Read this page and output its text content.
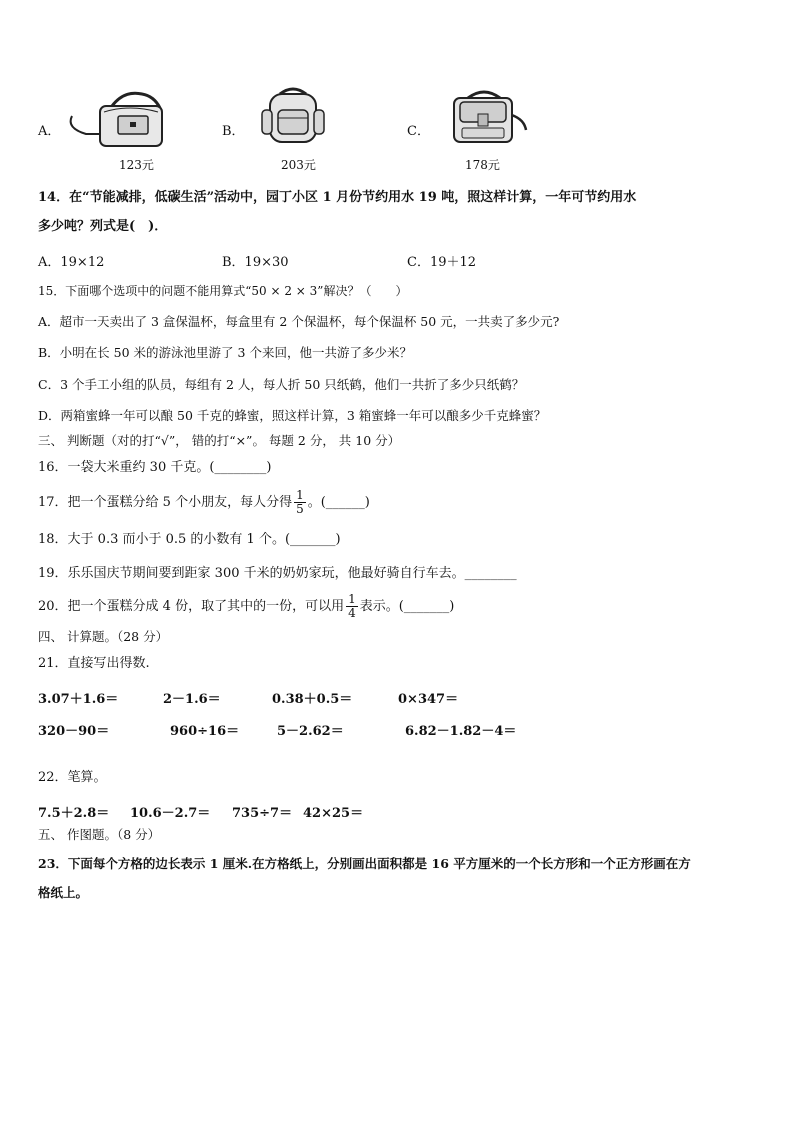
A．
123元
B．
203元
C．
178元
14．在“节能减排，低碳生活”活动中，园丁小区 1 月份节约用水 19 吨，照这样计算，一年可节约用水
多少吨？列式是(　)．
A．19×12	B．19×30	C．19＋12
15．下面哪个选项中的问题不能用算式“50 × 2 × 3”解决？（　　）
A．超市一天卖出了 3 盒保温杯，每盒里有 2 个保温杯，每个保温杯 50 元，一共卖了多少元?
B．小明在长 50 米的游泳池里游了 3 个来回，他一共游了多少米？
C．3 个手工小组的队员，每组有 2 人，每人折 50 只纸鹤，他们一共折了多少只纸鹤？
D．两箱蜜蜂一年可以酿 50 千克的蜂蜜，照这样计算，3 箱蜜蜂一年可以酿多少千克蜂蜜？
三、 判断题（对的打“√”， 错的打“×”。 每题 2 分， 共 10 分）
16．一袋大米重约 30 千克。(________)
17．把一个蛋糕分给 5 个小朋友，每人分得 $\frac{1}{5}$ 。(______)
18．大于 0.3 而小于 0.5 的小数有 1 个。(_______)
19．乐乐国庆节期间要到距家 300 千米的奶奶家玩，他最好骑自行车去。________
20．把一个蛋糕分成 4 份，取了其中的一份，可以用 $\frac{1}{4}$ 表示。(_______)
四、 计算题。（28 分）
21．直接写出得数.
3.07＋1.6＝	2－1.6＝	0.38＋0.5＝	0×347＝
320－90＝	960÷16＝	5－2.62＝	6.82－1.82－4＝
22．笔算。
7.5＋2.8＝ 10.6－2.7＝ 735÷7＝ 42×25＝
五、 作图题。（8 分）
23．下面每个方格的边长表示 1 厘米.在方格纸上，分别画出面积都是 16 平方厘米的一个长方形和一个正方形画在方
格纸上。
